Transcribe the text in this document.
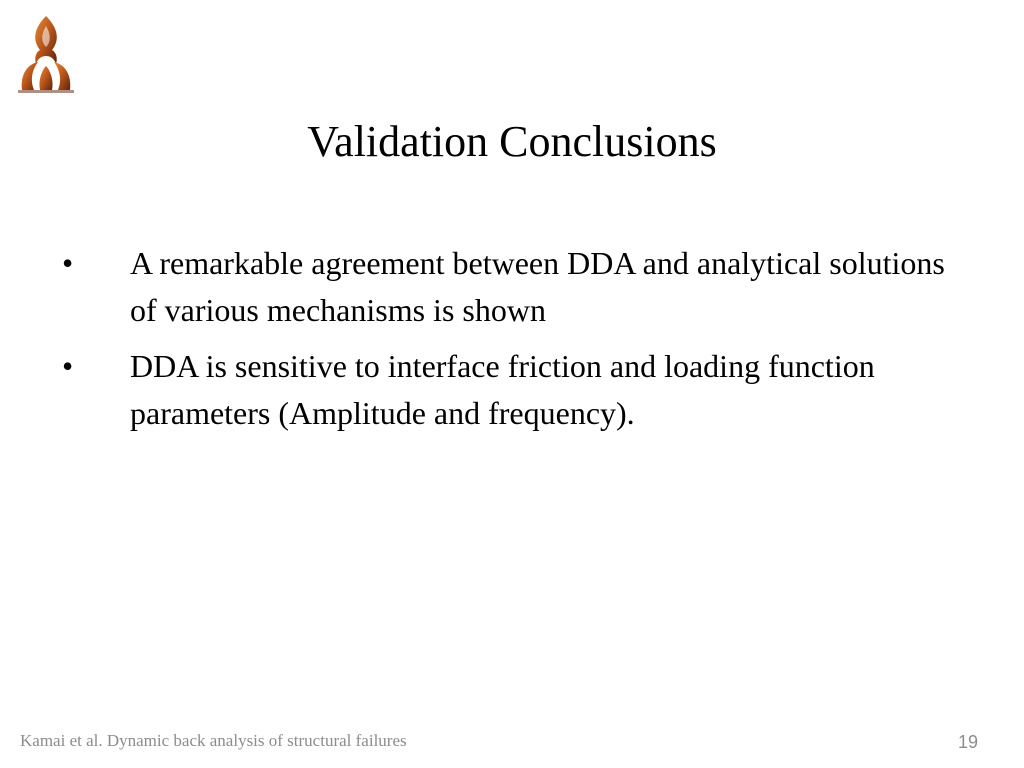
Validation Conclusions
• A remarkable agreement between DDA and analytical solutions of various mechanisms is shown
• DDA is sensitive to interface friction and loading function parameters (Amplitude and frequency).
Kamai et al. Dynamic back analysis of structural failures	19
